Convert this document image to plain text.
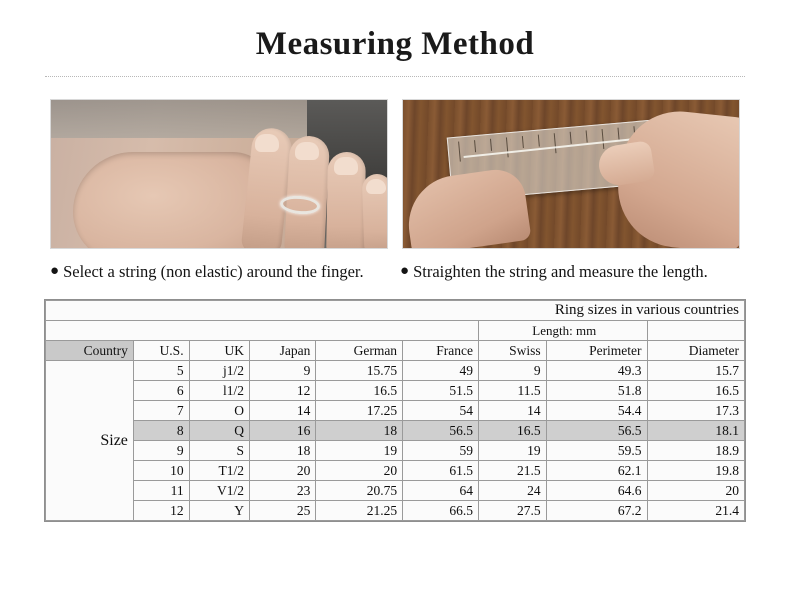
Measuring Method
● Select a string (non elastic) around the finger. ● Straighten the string and measure the length.
Ring sizes in various countries								
						Length: mm		
Country	U.S.	UK	Japan	German	France	Swiss	Perimeter	Diameter
Size	5	j1/2	9	15.75	49	9	49.3	15.7
	6	l1/2	12	16.5	51.5	11.5	51.8	16.5
	7	O	14	17.25	54	14	54.4	17.3
	8	Q	16	18	56.5	16.5	56.5	18.1
	9	S	18	19	59	19	59.5	18.9
	10	T1/2	20	20	61.5	21.5	62.1	19.8
	11	V1/2	23	20.75	64	24	64.6	20
	12	Y	25	21.25	66.5	27.5	67.2	21.4
